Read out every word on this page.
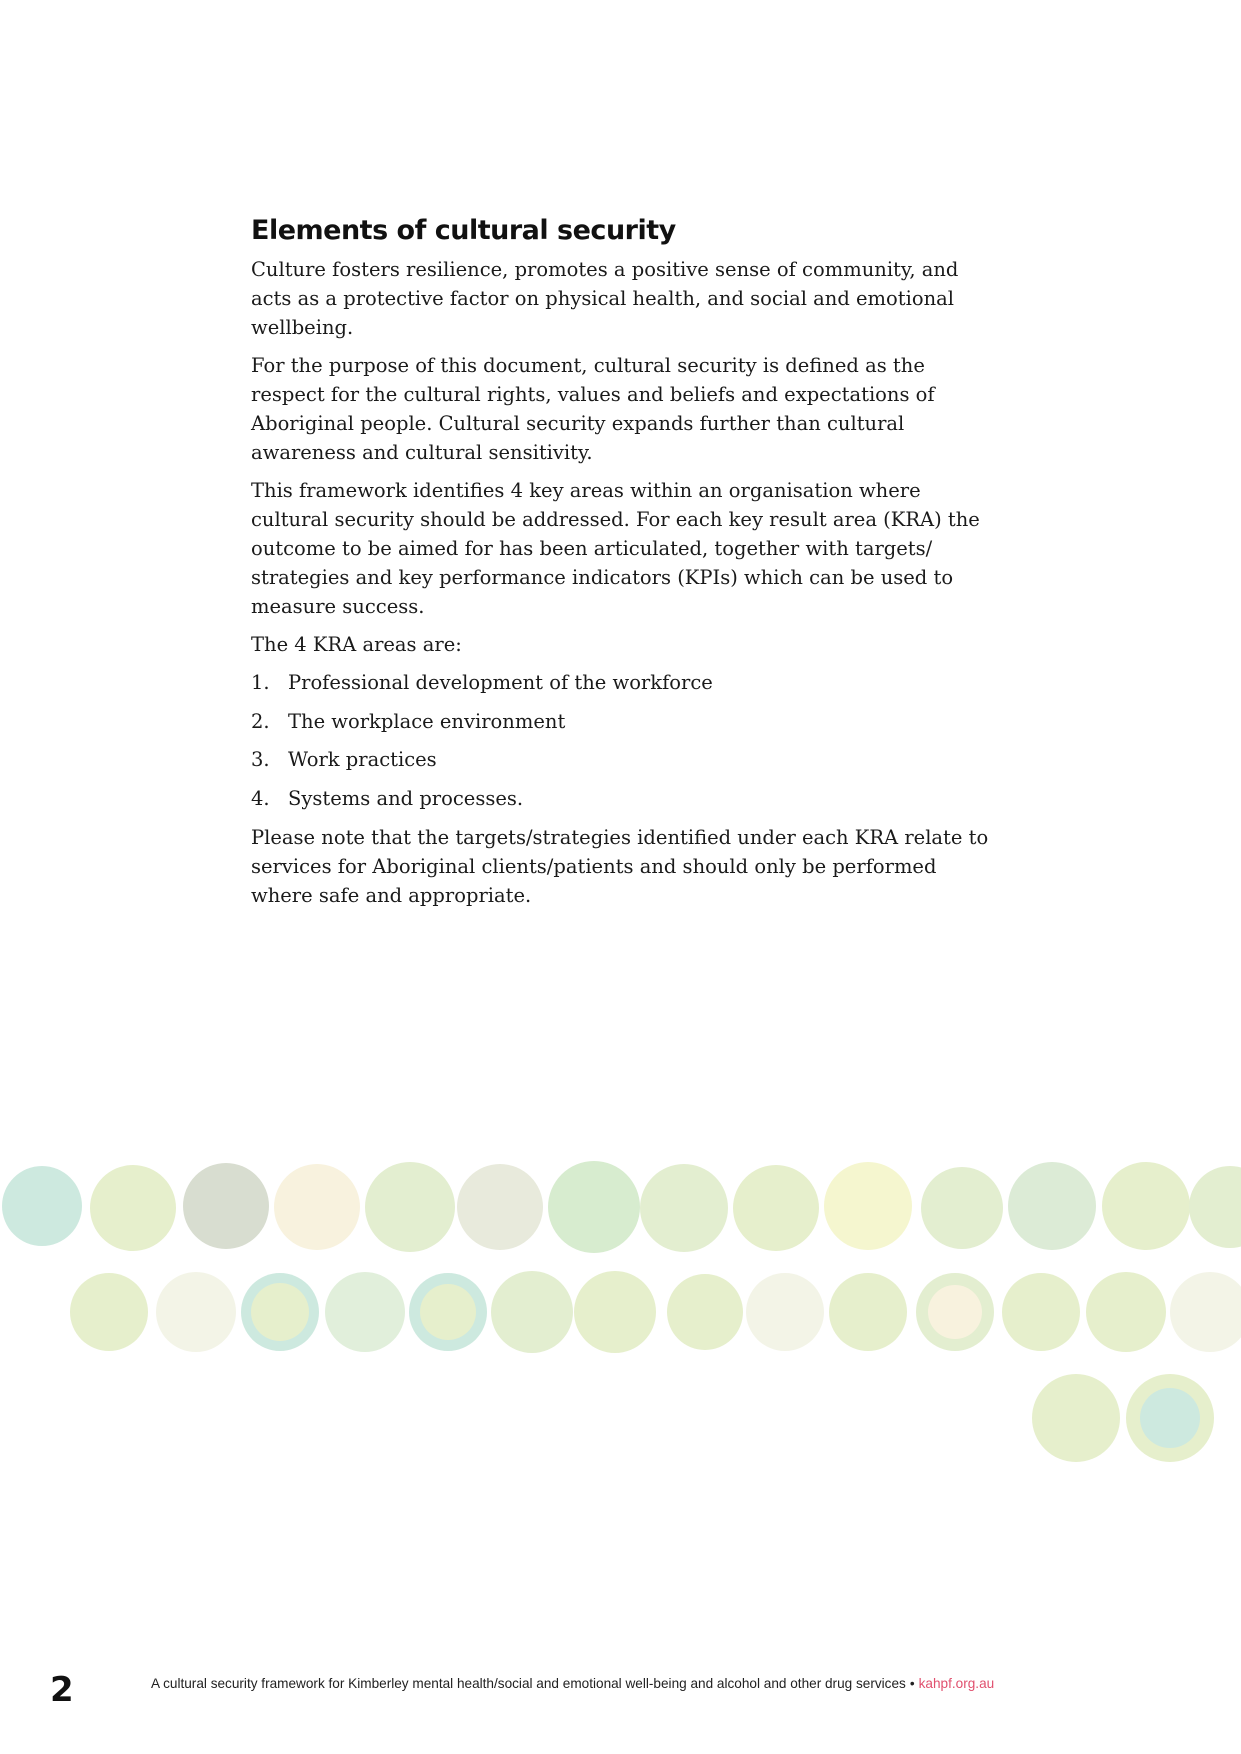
Elements of cultural security

Culture fosters resilience, promotes a positive sense of community, and acts as a protective factor on physical health, and social and emotional wellbeing.

For the purpose of this document, cultural security is defined as the respect for the cultural rights, values and beliefs and expectations of Aboriginal people. Cultural security expands further than cultural awareness and cultural sensitivity.

This framework identifies 4 key areas within an organisation where cultural security should be addressed. For each key result area (KRA) the outcome to be aimed for has been articulated, together with targets/ strategies and key performance indicators (KPIs) which can be used to measure success.

The 4 KRA areas are:

1. Professional development of the workforce
2. The workplace environment
3. Work practices
4. Systems and processes.

Please note that the targets/strategies identified under each KRA relate to services for Aboriginal clients/patients and should only be performed where safe and appropriate.

2	A cultural security framework for Kimberley mental health/social and emotional well-being and alcohol and other drug services • kahpf.org.au
